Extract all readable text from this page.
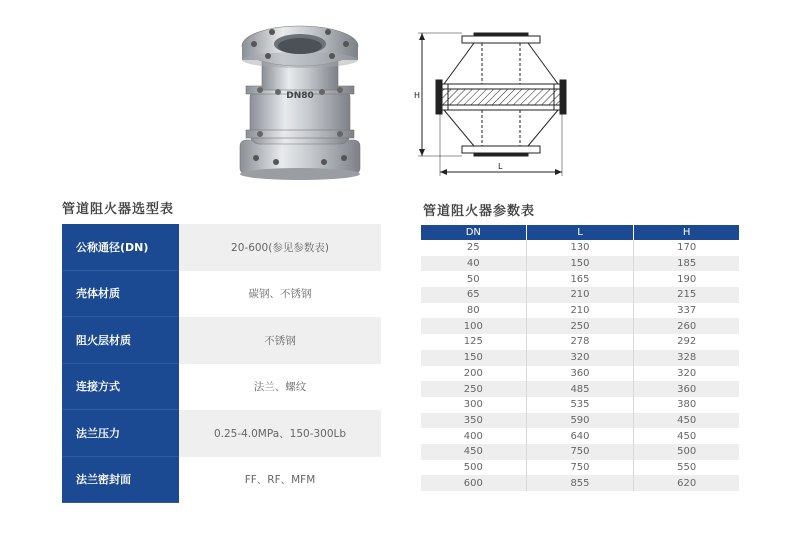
DN80	H
L
管道阻火器选型表	管道阻火器参数表
公称通径(DN)	20-600(参见参数表)
壳体材质	碳钢、不锈钢
阻火层材质	不锈钢
连接方式	法兰、螺纹
法兰压力	0.25-4.0MPa、150-300Lb
法兰密封面	FF、RF、MFM
DN	L	H
25	130	170
40	150	185
50	165	190
65	210	215
80	210	337
100	250	260
125	278	292
150	320	328
200	360	320
250	485	360
300	535	380
350	590	450
400	640	450
450	750	500
500	750	550
600	855	620
